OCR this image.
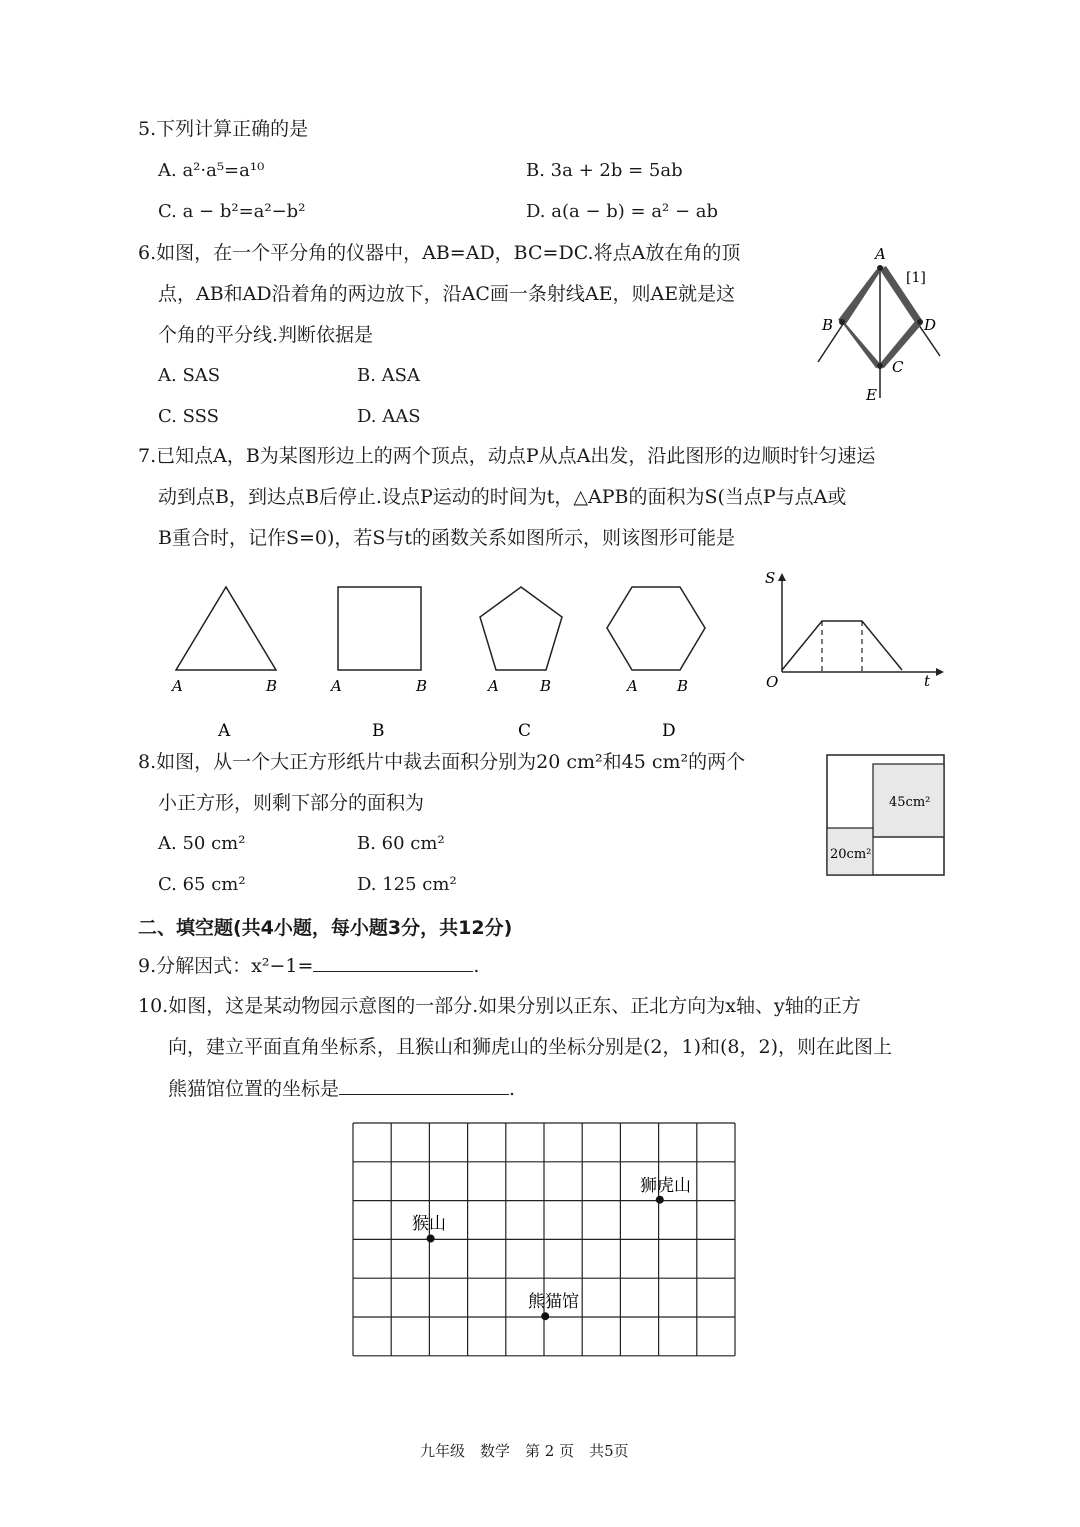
5.下列计算正确的是
A. a²·a⁵=a¹⁰	B. 3a + 2b = 5ab
C. a − b²=a²−b²	D. a(a − b) = a² − ab
6.如图，在一个平分角的仪器中，AB=AD，BC=DC.将点A放在角的顶
点，AB和AD沿着角的两边放下，沿AC画一条射线AE，则AE就是这
个角的平分线.判断依据是
A. SAS	B. ASA
C. SSS	D. AAS
A
B	D
C
E
[1]
7.已知点A，B为某图形边上的两个顶点，动点P从点A出发，沿此图形的边顺时针匀速运
动到点B，到达点B后停止.设点P运动的时间为t，△APB的面积为S(当点P与点A或
B重合时，记作S=0)，若S与t的函数关系如图所示，则该图形可能是
A	B	A	B	A	B	A	B
A	B	C	D
S
t
O
8.如图，从一个大正方形纸片中裁去面积分别为20 cm²和45 cm²的两个
小正方形，则剩下部分的面积为
A. 50 cm²	B. 60 cm²
C. 65 cm²	D. 125 cm²
45cm²
20cm²
二、填空题(共4小题，每小题3分，共12分)
9.分解因式：x²−1=	.
10.如图，这是某动物园示意图的一部分.如果分别以正东、正北方向为x轴、y轴的正方
向，建立平面直角坐标系，且猴山和狮虎山的坐标分别是(2，1)和(8，2)，则在此图上
熊猫馆位置的坐标是	.
猴山
狮虎山
熊猫馆
九年级　数学　第 2 页　共5页
